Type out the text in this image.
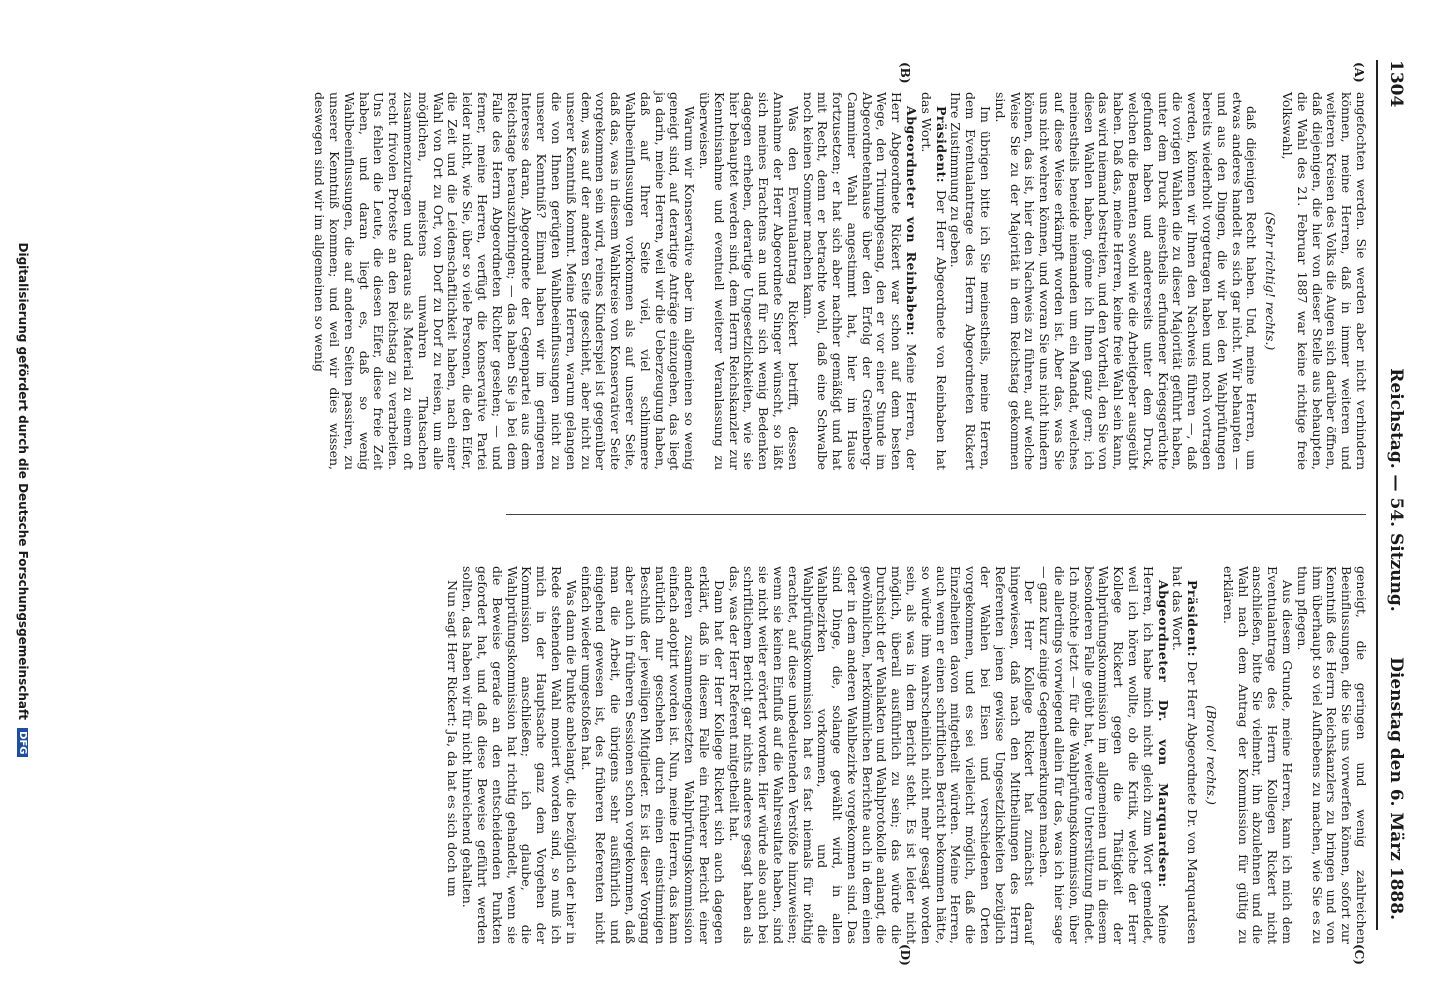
1304
Reichstag. — 54. Sitzung.
Dienstag den 6. März 1888.
(A)
(B)
(C)
(D)

angefochten werden. Sie werden aber nicht verhindern können, meine Herren, daß in immer weiteren und weiteren Kreisen des Volks die Augen sich darüber öffnen, daß diejenigen, die hier von dieser Stelle aus behaupten, die Wahl des 21. Februar 1887 war keine richtige freie Volkswahl,

(Sehr richtig! rechts.)

daß diejenigen Recht haben. Und, meine Herren, um etwas anderes handelt es sich gar nicht. Wir behaupten — und aus den Dingen, die wir bei den Wahlprüfungen bereits wiederholt vorgetragen haben und noch vortragen werden, können wir Ihnen den Nachweis führen —, daß die vorigen Wahlen die zu dieser Majorität geführt haben, unter dem Druck einestheils erfundener Kriegsgerüchte gefunden haben und andererseits unter dem Druck, welchen die Beamten sowohl wie die Arbeitgeber ausgeübt haben. Daß das, meine Herren, keine freie Wahl sein kann, das wird niemand bestreiten, und den Vortheil, den Sie von diesen Wahlen haben, gönne ich Ihnen ganz gern; ich meinestheils beneide niemanden um ein Mandat, welches auf diese Weise erkämpft worden ist. Aber das, was Sie uns nicht wehren können, und woran Sie uns nicht hindern können, das ist, hier den Nachweis zu führen, auf welche Weise Sie zu der Majorität in dem Reichstag gekommen sind.

Im übrigen bitte ich Sie meinestheils, meine Herren, dem Eventualantrage des Herrn Abgeordneten Rickert Ihre Zustimmung zu geben.

Präsident: Der Herr Abgeordnete von Reinbaben hat das Wort.

Abgeordneter von Reinbaben: Meine Herren, der Herr Abgeordnete Rickert war schon auf dem besten Wege, den Triumphgesang, den er vor einer Stunde im Abgeordnetenhause über den Erfolg der Greifenberg-Camminer Wahl angestimmt hat, hier im Hause fortzusetzen; er hat sich aber nachher gemäßigt und hat mit Recht, denn er betrachte wohl, daß eine Schwalbe noch keinen Sommer machen kann.

Was den Eventualantrag Rickert betrifft, dessen Annahme der Herr Abgeordnete Singer wünscht, so läßt sich meines Erachtens an und für sich wenig Bedenken dagegen erheben, derartige Ungesetzlichkeiten, wie sie hier behauptet werden sind, dem Herrn Reichskanzler zur Kenntnisnahme und eventuell weiterer Veranlassung zu überweisen.

Warum wir Konservative aber im allgemeinen so wenig geneigt sind, auf derartige Anträge einzugehen, das liegt ja darin, meine Herren, weil wir die Ueberzeugung haben, daß auf Ihrer Seite viel, viel schlimmere Wahlbeeinflussungen vorkommen als auf unserer Seite, daß das, was in diesem Wahlkreise von Konservativer Seite vorgekommen sein wird, reines Kinderspiel ist gegenüber dem, was auf der anderen Seite geschieht, aber nicht zu unserer Kenntniß kommt. Meine Herren, warum gelangen die von Ihnen gerügten Wahlbeeinflussungen nicht zu unserer Kenntniß? Einmal haben wir im geringeren Interesse daran, Abgeordnete der Gegenpartei aus dem Reichstage herauszubringen; — das haben Sie ja bei dem Falle des Herrn Abgeordneten Richter gesehen; — und ferner, meine Herren, verfügt die konservative Partei leider nicht, wie Sie, über so viele Personen, die den Eifer, die Zeit und die Leidenschaftlichkeit haben, nach einer Wahl von Ort zu Ort, von Dorf zu Dorf zu reisen, um alle möglichen, meistens unwahren Thatsachen zusammenzutragen und daraus als Material zu einem oft recht frivolen Proteste an den Reichstag zu verarbeiten. Uns fehlen die Leute, die diesen Eifer, diese freie Zeit haben, und daran liegt es, daß so wenig Wahlbeeinflussungen, die auf anderen Seiten passiren, zu unserer Kenntniß kommen; und weil wir dies wissen, deswegen sind wir im allgemeinen so wenig

geneigt, die geringen und wenig zahlreichen Beeinflussungen, die Sie uns vorwerfen können, sofort zur Kenntniß des Herrn Reichskanzlers zu bringen und von ihm überhaupt so viel Aufhebens zu machen, wie Sie es zu thun pflegen.

Aus diesem Grunde, meine Herren, kann ich mich dem Eventualantrage des Herrn Kollegen Rickert nicht anschließen, bitte Sie vielmehr, ihn abzulehnen und die Wahl nach dem Antrag der Kommission für gültig zu erklären.

(Bravo! rechts.)

Präsident: Der Herr Abgeordnete Dr. von Marquardsen hat das Wort.

Abgeordneter Dr. von Marquardsen: Meine Herren, ich habe mich nicht gleich zum Wort gemeldet, weil ich hören wollte, ob die Kritik, welche der Herr Kollege Rickert gegen die Thätigkeit der Wahlprüfungskommission im allgemeinen und in diesem besonderen Falle geübt hat, weitere Unterstützung findet. Ich möchte jetzt — für die Wahlprüfungskommission, über die allerdings vorwiegend allein für das, was ich hier sage — ganz kurz einige Gegenbemerkungen machen.

Der Herr Kollege Rickert hat zunächst darauf hingewiesen, daß nach den Mittheilungen des Herrn Referenten jenen gewisse Ungesetzlichkeiten bezüglich der Wahlen bei Eisen und verschiedenen Orten vorgekommen, und es sei vielleicht möglich, daß die Einzelheiten davon mitgetheilt würden. Meine Herren, auch wenn er einen schriftlichen Bericht bekommen hätte, so würde ihm wahrscheinlich nicht mehr gesagt worden sein, als was in dem Bericht steht. Es ist leider nicht möglich, überall ausführlich zu sein; das würde die Durchsicht der Wahlakten und Wahlprotokolle anlangt, die gewöhnlichen, herkömmlichen Berichte auch in dem einen oder in dem anderen Wahlbezirke vorgekommen sind. Das sind Dinge, die, solange gewählt wird, in allen Wahlbezirken vorkommen, und die Wahlprüfungskommission hat es fast niemals für nöthig erachtet, auf diese unbedeutenden Verstöße hinzuweisen; wenn sie keinen Einfluß auf die Wahlresultate haben, sind sie nicht weiter erörtert worden. Hier würde also auch bei schriftlichem Bericht gar nichts anderes gesagt haben als das, was der Herr Referent mitgetheilt hat.

Dann hat der Herr Kollege Rickert sich auch dagegen erklärt, daß in diesem Falle ein früherer Bericht einer anderen zusammengesetzten Wahlprüfungskommission einfach adoptirt worden ist. Nun, meine Herren, das kann natürlich nur geschehen durch einen einstimmigen Beschluß der jeweiligen Mitglieder. Es ist dieser Vorgang aber auch in früheren Sessionen schon vorgekommen, daß man die Arbeit, die übrigens sehr ausführlich und eingehend gewesen ist, des früheren Referenten nicht einfach wieder umgestoßen hat.

Was dann die Punkte anbelangt, die bezüglich der hier in Rede stehenden Wahl moniert worden sind, so muß ich mich in der Hauptsache ganz dem Vorgehen der Kommission anschließen; ich glaube, die Wahlprüfungskommission hat richtig gehandelt, wenn sie die Beweise gerade an den entscheidenden Punkten gefordert hat, und daß diese Beweise geführt werden sollten, das haben wir für nicht hinreichend gehalten.

Nun sagt Herr Rickert: Ja, da hat es sich doch um

Digitalisierung gefördert durch die Deutsche Forschungsgemeinschaft DFG
